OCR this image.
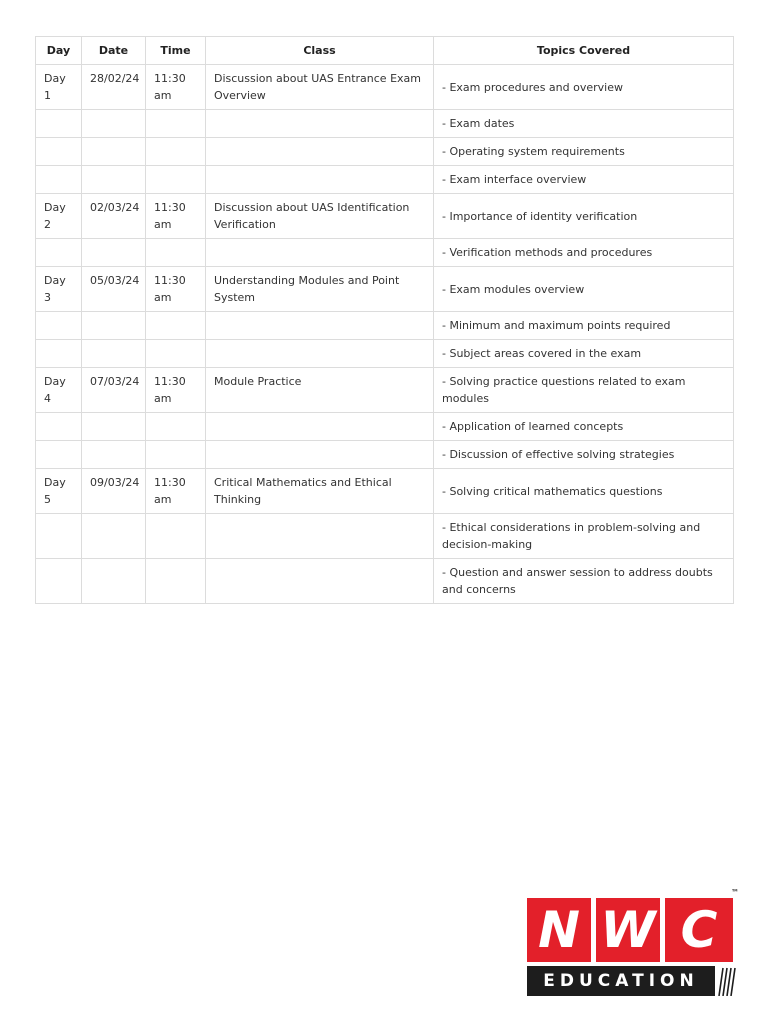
Day	Date	Time	Class	Topics Covered
Day 1	28/02/24	11:30 am	Discussion about UAS Entrance Exam Overview	- Exam procedures and overview
				- Exam dates
				- Operating system requirements
				- Exam interface overview
Day 2	02/03/24	11:30 am	Discussion about UAS Identification Verification	- Importance of identity verification
				- Verification methods and procedures
Day 3	05/03/24	11:30 am	Understanding Modules and Point System	- Exam modules overview
				- Minimum and maximum points required
				- Subject areas covered in the exam
Day 4	07/03/24	11:30 am	Module Practice	- Solving practice questions related to exam modules
				- Application of learned concepts
				- Discussion of effective solving strategies
Day 5	09/03/24	11:30 am	Critical Mathematics and Ethical Thinking	- Solving critical mathematics questions
				- Ethical considerations in problem-solving and decision-making
				- Question and answer session to address doubts and concerns
™
N W C
EDUCATION
